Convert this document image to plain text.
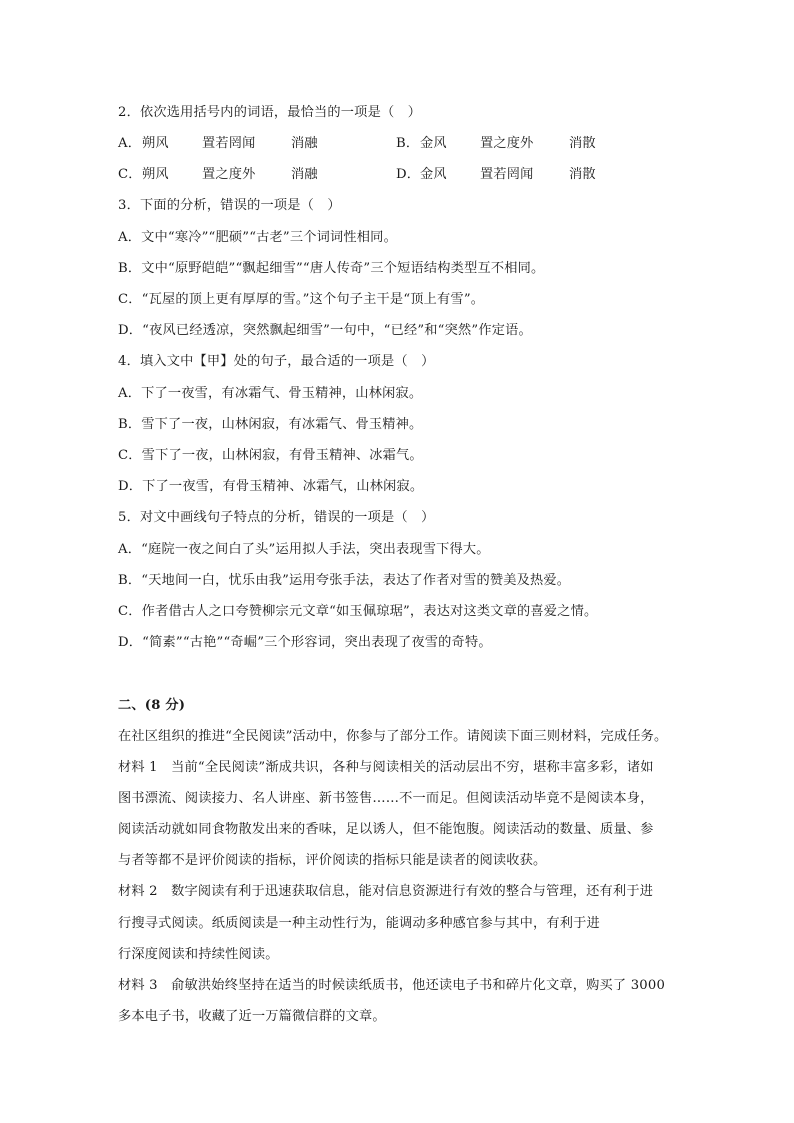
2．依次选用括号内的词语，最恰当的一项是（　）
A． 朔风	置若罔闻	消融	B． 金风	置之度外	消散
C． 朔风	置之度外	消融	D． 金风	置若罔闻	消散
3．下面的分析，错误的一项是（　）
A．文中“寒冷”“肥硕”“古老”三个词词性相同。
B．文中“原野皑皑”“飘起细雪”“唐人传奇”三个短语结构类型互不相同。
C．“瓦屋的顶上更有厚厚的雪。”这个句子主干是“顶上有雪”。
D．“夜风已经透凉，突然飘起细雪”一句中，“已经”和“突然”作定语。
4．填入文中【甲】处的句子，最合适的一项是（　）
A．下了一夜雪，有冰霜气、骨玉精神，山林闲寂。
B．雪下了一夜，山林闲寂，有冰霜气、骨玉精神。
C．雪下了一夜，山林闲寂，有骨玉精神、冰霜气。
D．下了一夜雪，有骨玉精神、冰霜气，山林闲寂。
5．对文中画线句子特点的分析，错误的一项是（　）
A．“庭院一夜之间白了头”运用拟人手法，突出表现雪下得大。
B．“天地间一白，忧乐由我”运用夸张手法，表达了作者对雪的赞美及热爱。
C．作者借古人之口夸赞柳宗元文章“如玉佩琼琚”，表达对这类文章的喜爱之情。
D．“简素”“古艳”“奇崛”三个形容词，突出表现了夜雪的奇特。
二、(8 分)
在社区组织的推进“全民阅读”活动中，你参与了部分工作。请阅读下面三则材料，完成任务。
材料 1　当前“全民阅读”渐成共识，各种与阅读相关的活动层出不穷，堪称丰富多彩，诸如
图书漂流、阅读接力、名人讲座、新书签售……不一而足。但阅读活动毕竟不是阅读本身，
阅读活动就如同食物散发出来的香味，足以诱人，但不能饱腹。阅读活动的数量、质量、参
与者等都不是评价阅读的指标，评价阅读的指标只能是读者的阅读收获。
材料 2　数字阅读有利于迅速获取信息，能对信息资源进行有效的整合与管理，还有利于进
行搜寻式阅读。纸质阅读是一种主动性行为，能调动多种感官参与其中，有利于进
行深度阅读和持续性阅读。
材料 3　俞敏洪始终坚持在适当的时候读纸质书，他还读电子书和碎片化文章，购买了 3000
多本电子书，收藏了近一万篇微信群的文章。
